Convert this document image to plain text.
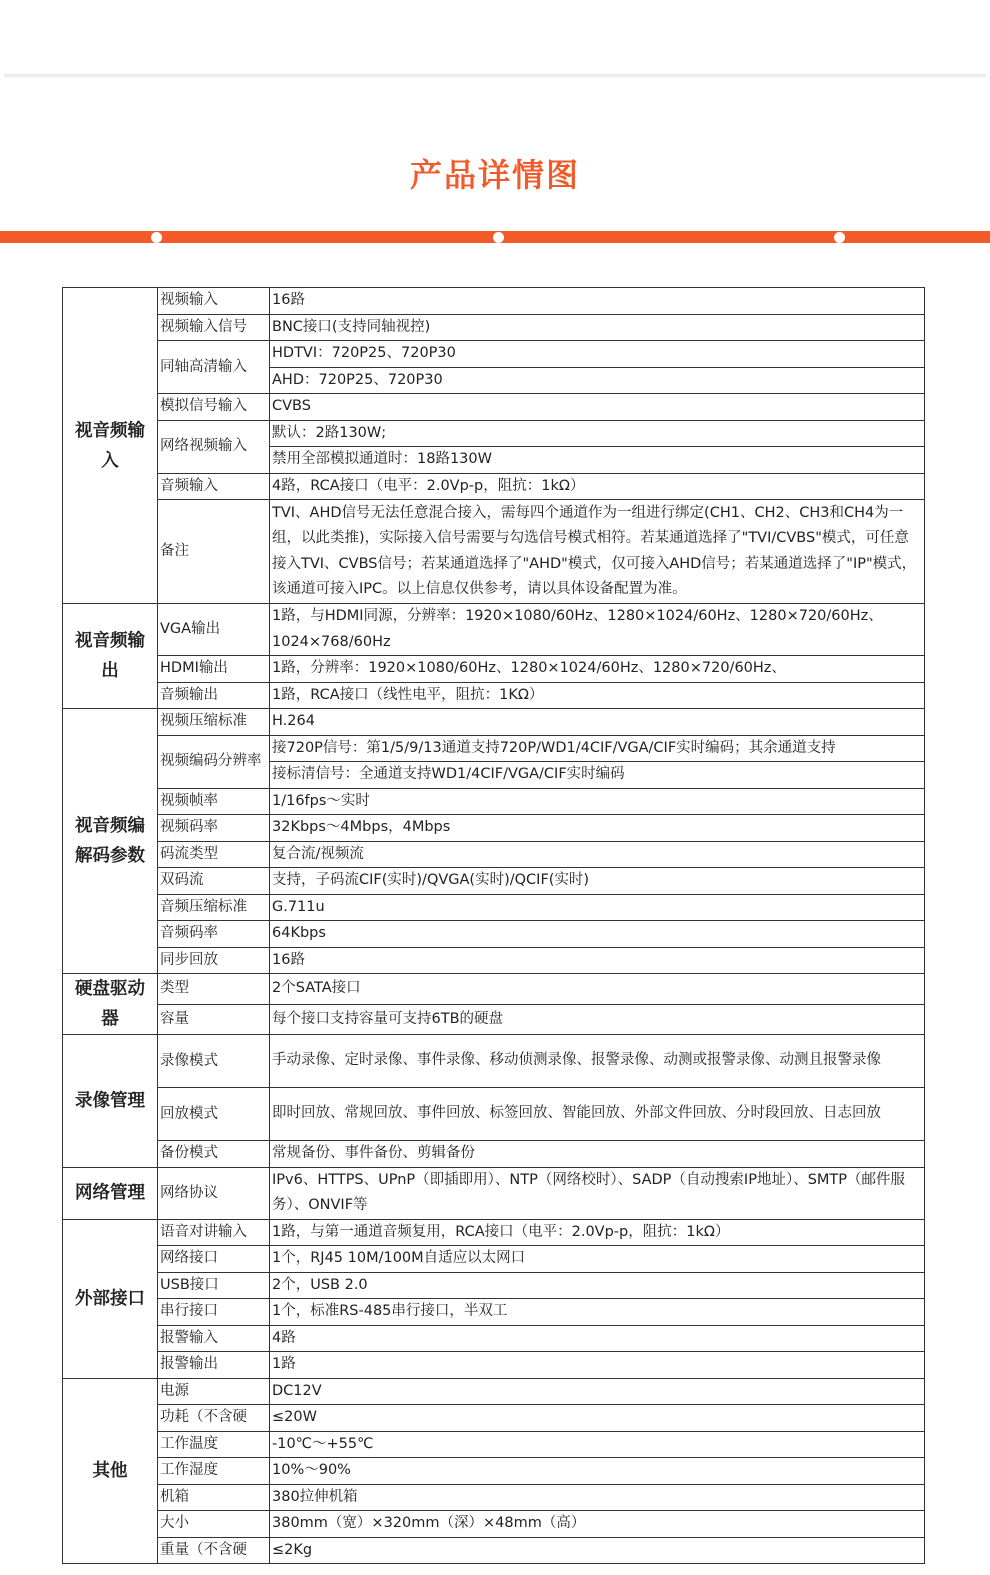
产品详情图
视音频输入	视频输入	16路
	视频输入信号	BNC接口(支持同轴视控)
	同轴高清输入	HDTVI：720P25、720P30
		AHD：720P25、720P30
	模拟信号输入	CVBS
	网络视频输入	默认：2路130W;
		禁用全部模拟通道时：18路130W
	音频输入	4路，RCA接口（电平：2.0Vp-p，阻抗：1kΩ）
	备注	TVI、AHD信号无法任意混合接入，需每四个通道作为一组进行绑定(CH1、CH2、CH3和CH4为一组，以此类推)，实际接入信号需要与勾选信号模式相符。若某通道选择了"TVI/CVBS"模式，可任意接入TVI、CVBS信号；若某通道选择了"AHD"模式，仅可接入AHD信号；若某通道选择了"IP"模式，该通道可接入IPC。以上信息仅供参考，请以具体设备配置为准。
视音频输出	VGA输出	1路，与HDMI同源，分辨率：1920×1080/60Hz、1280×1024/60Hz、1280×720/60Hz、1024×768/60Hz
	HDMI输出	1路，分辨率：1920×1080/60Hz、1280×1024/60Hz、1280×720/60Hz、
	音频输出	1路，RCA接口（线性电平，阻抗：1KΩ）
视音频编解码参数	视频压缩标准	H.264
	视频编码分辨率	接720P信号：第1/5/9/13通道支持720P/WD1/4CIF/VGA/CIF实时编码；其余通道支持
		接标清信号：全通道支持WD1/4CIF/VGA/CIF实时编码
	视频帧率	1/16fps～实时
	视频码率	32Kbps～4Mbps，4Mbps
	码流类型	复合流/视频流
	双码流	支持，子码流CIF(实时)/QVGA(实时)/QCIF(实时)
	音频压缩标准	G.711u
	音频码率	64Kbps
	同步回放	16路
硬盘驱动器	类型	2个SATA接口
	容量	每个接口支持容量可支持6TB的硬盘
录像管理	录像模式	手动录像、定时录像、事件录像、移动侦测录像、报警录像、动测或报警录像、动测且报警录像
	回放模式	即时回放、常规回放、事件回放、标签回放、智能回放、外部文件回放、分时段回放、日志回放
	备份模式	常规备份、事件备份、剪辑备份
网络管理	网络协议	IPv6、HTTPS、UPnP（即插即用）、NTP（网络校时）、SADP（自动搜索IP地址）、SMTP（邮件服务）、ONVIF等
外部接口	语音对讲输入	1路，与第一通道音频复用，RCA接口（电平：2.0Vp-p，阻抗：1kΩ）
	网络接口	1个，RJ45 10M/100M自适应以太网口
	USB接口	2个，USB 2.0
	串行接口	1个，标准RS-485串行接口，半双工
	报警输入	4路
	报警输出	1路
其他	电源	DC12V
	功耗（不含硬	≤20W
	工作温度	-10℃～+55℃
	工作湿度	10%～90%
	机箱	380拉伸机箱
	大小	380mm（宽）×320mm（深）×48mm（高）
	重量（不含硬	≤2Kg
